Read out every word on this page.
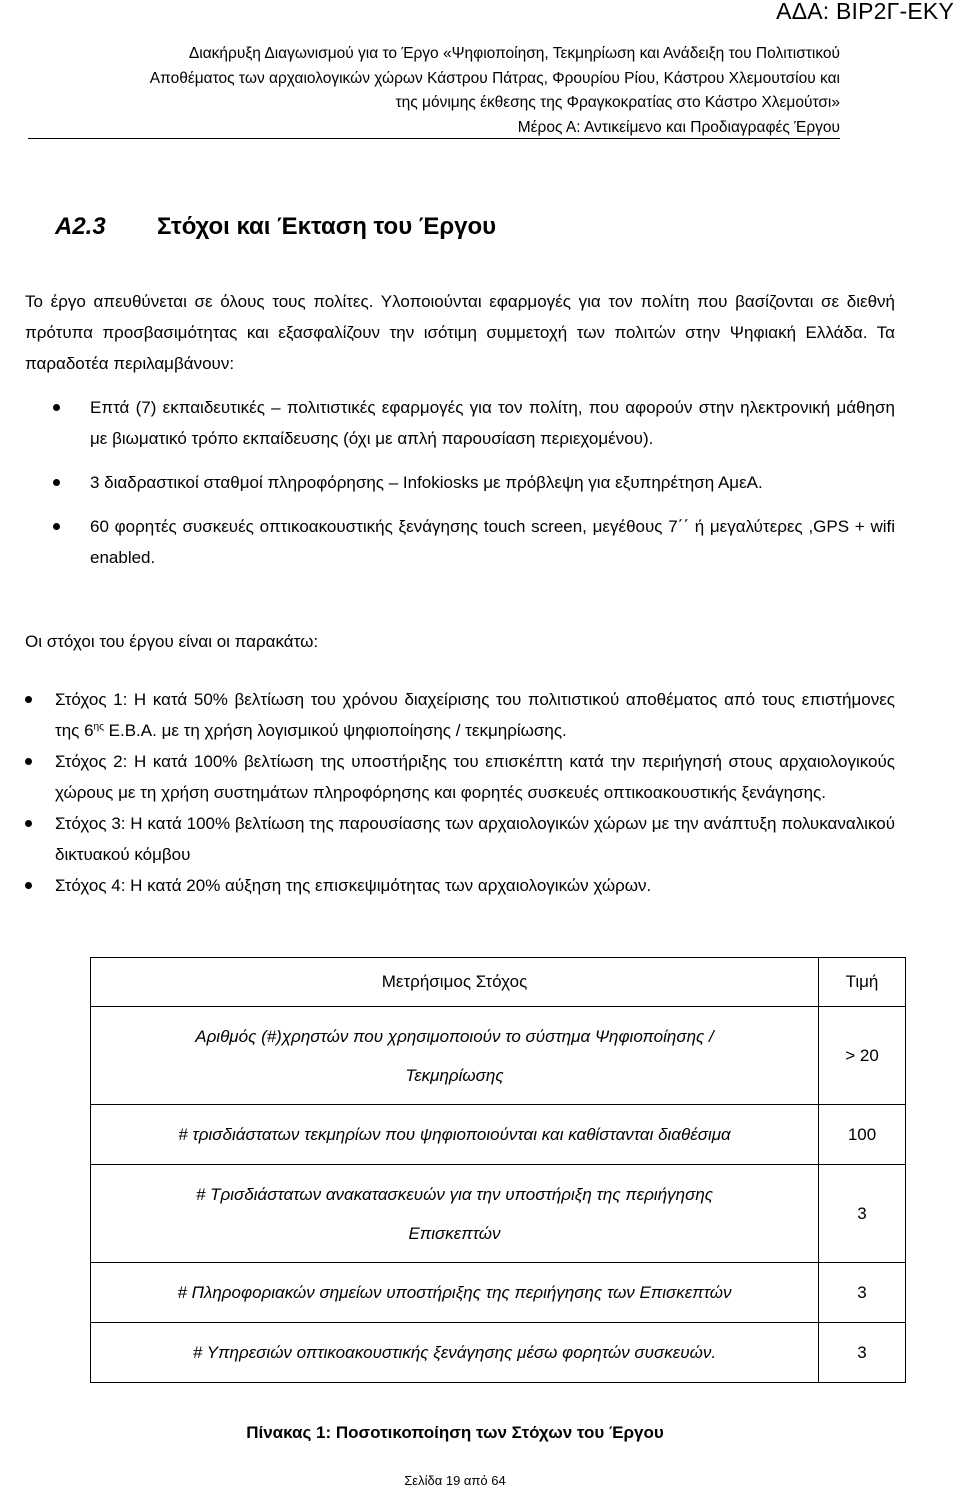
ΑΔΑ: ΒΙΡ2Γ-ΕΚΥ
Διακήρυξη Διαγωνισμού για το Έργο «Ψηφιοποίηση, Τεκμηρίωση και Ανάδειξη του Πολιτιστικού
Αποθέματος των αρχαιολογικών χώρων Κάστρου Πάτρας, Φρουρίου Ρίου, Κάστρου Χλεμουτσίου και
της μόνιμης έκθεσης της Φραγκοκρατίας στο Κάστρο Χλεμούτσι»
Μέρος Α: Αντικείμενο και Προδιαγραφές Έργου
Α2.3 Στόχοι και Έκταση του Έργου
Το έργο απευθύνεται σε όλους τους πολίτες. Υλοποιούνται εφαρμογές για τον πολίτη που βασίζονται σε διεθνή πρότυπα προσβασιμότητας και εξασφαλίζουν την ισότιμη συμμετοχή των πολιτών στην Ψηφιακή Ελλάδα. Τα παραδοτέα περιλαμβάνουν:
Επτά (7) εκπαιδευτικές – πολιτιστικές εφαρμογές για τον πολίτη, που αφορούν στην ηλεκτρονική μάθηση με βιωματικό τρόπο εκπαίδευσης (όχι με απλή παρουσίαση περιεχομένου).
3 διαδραστικοί σταθμοί πληροφόρησης – Infokiosks με πρόβλεψη για εξυπηρέτηση ΑμεΑ.
60 φορητές συσκευές οπτικοακουστικής ξενάγησης touch screen, μεγέθους 7΄΄ ή μεγαλύτερες ,GPS + wifi enabled.
Οι στόχοι του έργου είναι οι παρακάτω:
Στόχος 1: Η κατά 50% βελτίωση του χρόνου διαχείρισης του πολιτιστικού αποθέματος από τους επιστήμονες της $6^{\eta\varsigma}$ Ε.Β.Α. με τη χρήση λογισμικού ψηφιοποίησης / τεκμηρίωσης.
Στόχος 2: Η κατά 100% βελτίωση της υποστήριξης του επισκέπτη κατά την περιήγησή στους αρχαιολογικούς χώρους με τη χρήση συστημάτων πληροφόρησης και φορητές συσκευές οπτικοακουστικής ξενάγησης.
Στόχος 3: Η κατά 100% βελτίωση της παρουσίασης των αρχαιολογικών χώρων με την ανάπτυξη πολυκαναλικού δικτυακού κόμβου
Στόχος 4: Η κατά 20% αύξηση της επισκεψιμότητας των αρχαιολογικών χώρων.
Μετρήσιμος Στόχος	Τιμή
Αριθμός (#)χρηστών που χρησιμοποιούν το σύστημα Ψηφιοποίησης / Τεκμηρίωσης	> 20
# τρισδιάστατων τεκμηρίων που ψηφιοποιούνται και καθίστανται διαθέσιμα	100
# Τρισδιάστατων ανακατασκευών για την υποστήριξη της περιήγησης Επισκεπτών	3
# Πληροφοριακών σημείων υποστήριξης της περιήγησης των Επισκεπτών	3
# Υπηρεσιών οπτικοακουστικής ξενάγησης μέσω φορητών συσκευών.	3
Πίνακας 1: Ποσοτικοποίηση των Στόχων του Έργου
Σελίδα 19 από 64
